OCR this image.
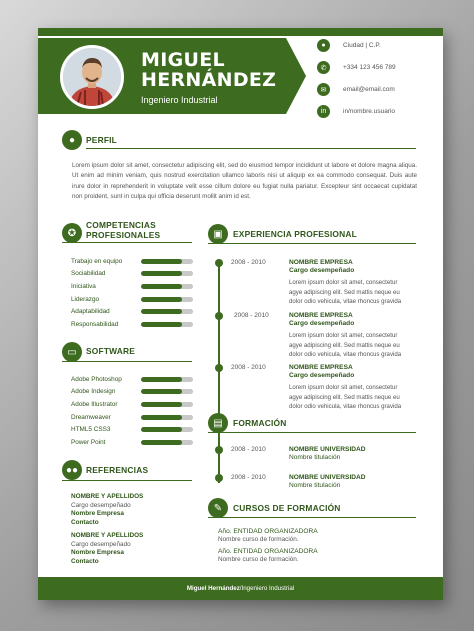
MIGUEL
HERNÁNDEZ
Ingeniero Industrial
●	Ciudad | C.P.
✆	+334 123 456 789
✉	email@email.com
in	in/nombre.usuario
●	PERFIL
Lorem ipsum dolor sit amet, consectetur adipiscing elit, sed do eiusmod tempor incididunt ut labore et dolore magna aliqua. Ut enim ad minim veniam, quis nostrud exercitation ullamco laboris nisi ut aliquip ex ea commodo consequat. Duis aute irure dolor in reprehenderit in voluptate velit esse cillum dolore eu fugiat nulla pariatur. Excepteur sint occaecat cupidatat non proident, sunt in culpa qui officia deserunt mollit anim id est.
✪
COMPETENCIAS
PROFESIONALES
Trabajo en equipo
Sociabilidad
Iniciativa
Liderazgo
Adaptabilidad
Responsabilidad
▭	SOFTWARE
Adobe Photoshop
Adobe Indesign
Adobe Illustrator
Dreamweaver
HTML5 CSS3
Power Point
●● REFERENCIAS
NOMBRE Y APELLIDOS
Cargo desempeñado
Nombre Empresa
Contacto
NOMBRE Y APELLIDOS
Cargo desempeñado
Nombre Empresa
Contacto
▣	EXPERIENCIA PROFESIONAL
2008 - 2010	NOMBRE EMPRESA
Cargo desempeñado
Lorem ipsum dolor sit amet, consectetur agye adipiscing elit. Sed mattis neque eu dolor odio vehicula, vitae rhoncus gravida
2008 - 2010	NOMBRE EMPRESA
Cargo desempeñado
Lorem ipsum dolor sit amet, consectetur agye adipiscing elit. Sed mattis neque eu dolor odio vehicula, vitae rhoncus gravida
2008 - 2010	NOMBRE EMPRESA
Cargo desempeñado
Lorem ipsum dolor sit amet, consectetur agye adipiscing elit. Sed mattis neque eu dolor odio vehicula, vitae rhoncus gravida
▤	FORMACIÓN
2008 - 2010	NOMBRE UNIVERSIDAD
Nombre titulación
2008 - 2010	NOMBRE UNIVERSIDAD
Nombre titulación
✎	CURSOS DE FORMACIÓN
Año. ENTIDAD ORGANIZADORA
Nombre curso de formación.
Año. ENTIDAD ORGANIZADORA
Nombre curso de formación.
Miguel Hernández /Ingeniero Industrial
